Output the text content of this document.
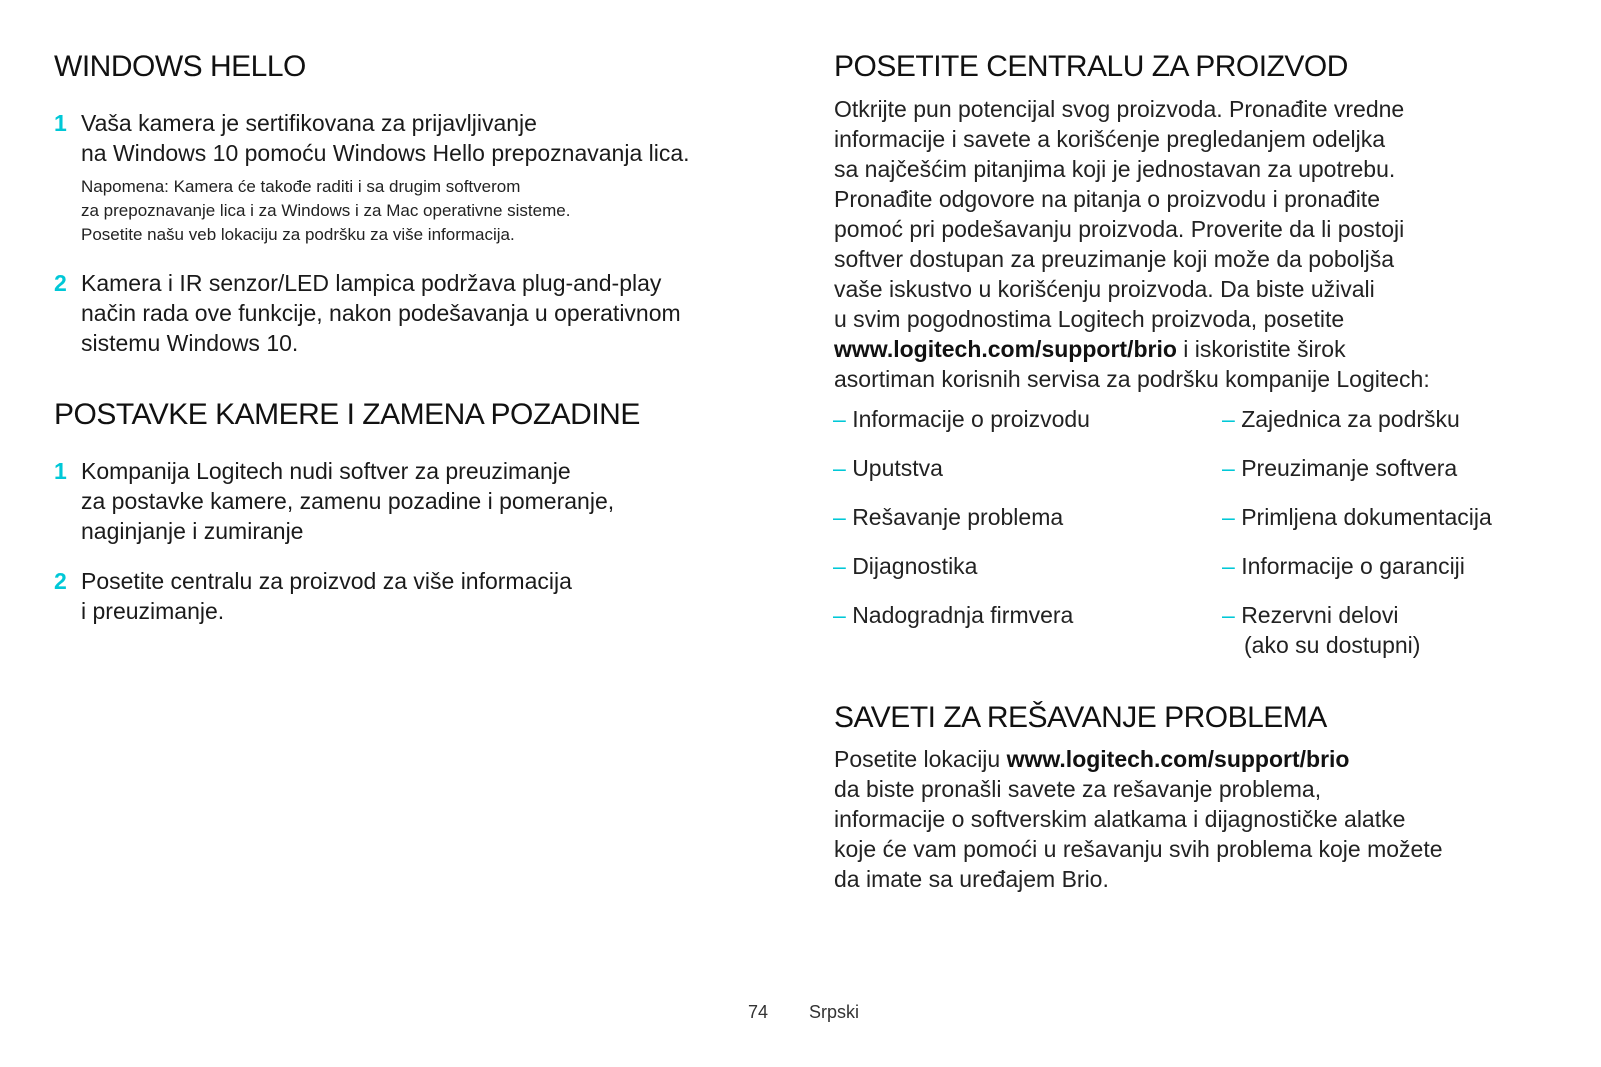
WINDOWS HELLO
1 Vaša kamera je sertifikovana za prijavljivanje
na Windows 10 pomoću Windows Hello prepoznavanja lica.
Napomena: Kamera će takođe raditi i sa drugim softverom
za prepoznavanje lica i za Windows i za Mac operativne sisteme.
Posetite našu veb lokaciju za podršku za više informacija.
2 Kamera i IR senzor/LED lampica podržava plug-and-play
način rada ove funkcije, nakon podešavanja u operativnom
sistemu Windows 10.
POSTAVKE KAMERE I ZAMENA POZADINE
1 Kompanija Logitech nudi softver za preuzimanje
za postavke kamere, zamenu pozadine i pomeranje,
naginjanje i zumiranje
2 Posetite centralu za proizvod za više informacija
i preuzimanje.
POSETITE CENTRALU ZA PROIZVOD
Otkrijte pun potencijal svog proizvoda. Pronađite vredne
informacije i savete a korišćenje pregledanjem odeljka
sa najčešćim pitanjima koji je jednostavan za upotrebu.
Pronađite odgovore na pitanja o proizvodu i pronađite
pomoć pri podešavanju proizvoda. Proverite da li postoji
softver dostupan za preuzimanje koji može da poboljša
vaše iskustvo u korišćenju proizvoda. Da biste uživali
u svim pogodnostima Logitech proizvoda, posetite
www.logitech.com/support/brio i iskoristite širok
asortiman korisnih servisa za podršku kompanije Logitech:
– Informacije o proizvodu
– Uputstva
– Rešavanje problema
– Dijagnostika
– Nadogradnja firmvera
– Zajednica za podršku
– Preuzimanje softvera
– Primljena dokumentacija
– Informacije o garanciji
– Rezervni delovi
(ako su dostupni)
SAVETI ZA REŠAVANJE PROBLEMA
Posetite lokaciju www.logitech.com/support/brio
da biste pronašli savete za rešavanje problema,
informacije o softverskim alatkama i dijagnostičke alatke
koje će vam pomoći u rešavanju svih problema koje možete
da imate sa uređajem Brio.
74 Srpski
